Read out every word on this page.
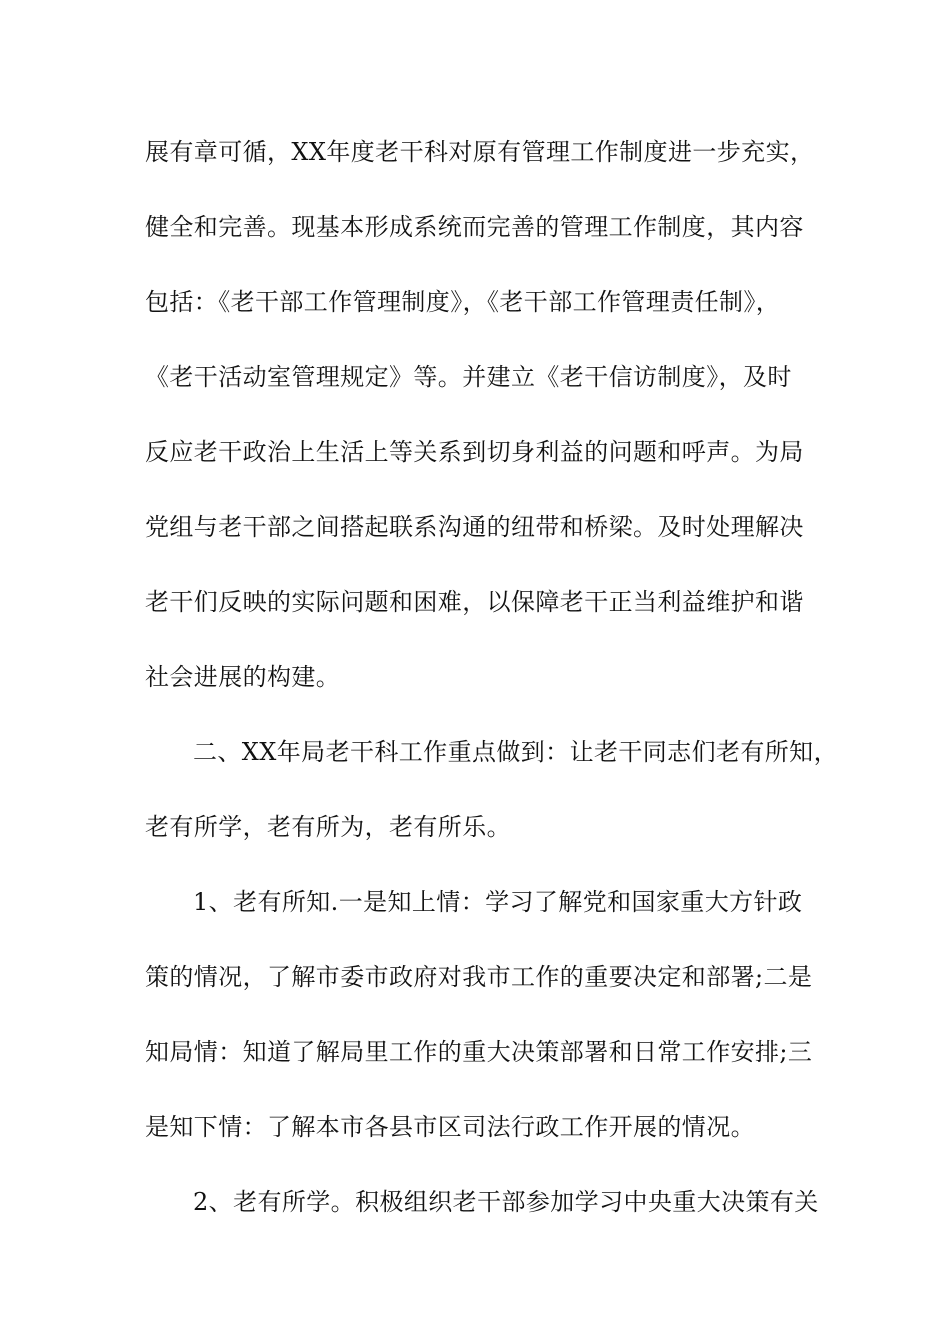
展有章可循，XX年度老干科对原有管理工作制度进一步充实，
健全和完善。现基本形成系统而完善的管理工作制度，其内容
包括：《老干部工作管理制度》，《老干部工作管理责任制》，
《老干活动室管理规定》等。并建立《老干信访制度》，及时
反应老干政治上生活上等关系到切身利益的问题和呼声。为局
党组与老干部之间搭起联系沟通的纽带和桥梁。及时处理解决
老干们反映的实际问题和困难，以保障老干正当利益维护和谐
社会进展的构建。
二、XX年局老干科工作重点做到：让老干同志们老有所知，
老有所学，老有所为，老有所乐。
1、老有所知.一是知上情：学习了解党和国家重大方针政
策的情况，了解市委市政府对我市工作的重要决定和部署;二是
知局情：知道了解局里工作的重大决策部署和日常工作安排;三
是知下情：了解本市各县市区司法行政工作开展的情况。
2、老有所学。积极组织老干部参加学习中央重大决策有关
